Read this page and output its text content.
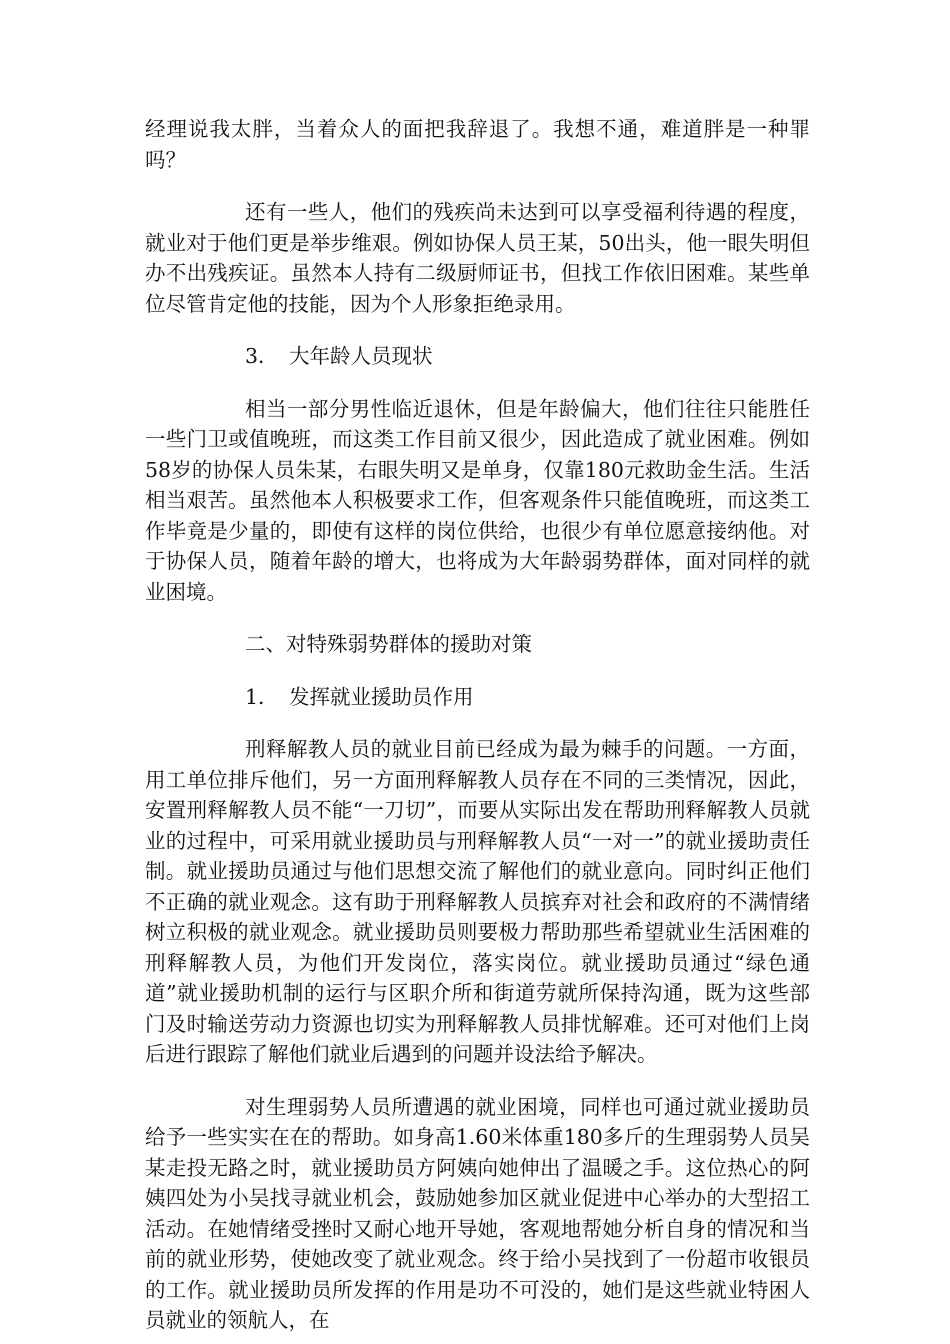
经理说我太胖，当着众人的面把我辞退了。我想不通，难道胖是一种罪吗？

还有一些人，他们的残疾尚未达到可以享受福利待遇的程度，就业对于他们更是举步维艰。例如协保人员王某，50出头，他一眼失明但办不出残疾证。虽然本人持有二级厨师证书，但找工作依旧困难。某些单位尽管肯定他的技能，因为个人形象拒绝录用。

3． 大年龄人员现状

相当一部分男性临近退休，但是年龄偏大，他们往往只能胜任一些门卫或值晚班，而这类工作目前又很少，因此造成了就业困难。例如58岁的协保人员朱某，右眼失明又是单身，仅靠180元救助金生活。生活相当艰苦。虽然他本人积极要求工作，但客观条件只能值晚班，而这类工作毕竟是少量的，即使有这样的岗位供给，也很少有单位愿意接纳他。对于协保人员，随着年龄的增大，也将成为大年龄弱势群体，面对同样的就业困境。

二、对特殊弱势群体的援助对策
1． 发挥就业援助员作用

刑释解教人员的就业目前已经成为最为棘手的问题。一方面，用工单位排斥他们，另一方面刑释解教人员存在不同的三类情况，因此，安置刑释解教人员不能“一刀切”，而要从实际出发在帮助刑释解教人员就业的过程中，可采用就业援助员与刑释解教人员“一对一”的就业援助责任制。就业援助员通过与他们思想交流了解他们的就业意向。同时纠正他们不正确的就业观念。这有助于刑释解教人员摈弃对社会和政府的不满情绪树立积极的就业观念。就业援助员则要极力帮助那些希望就业生活困难的刑释解教人员，为他们开发岗位，落实岗位。就业援助员通过“绿色通道”就业援助机制的运行与区职介所和街道劳就所保持沟通，既为这些部门及时输送劳动力资源也切实为刑释解教人员排忧解难。还可对他们上岗后进行跟踪了解他们就业后遇到的问题并设法给予解决。

对生理弱势人员所遭遇的就业困境，同样也可通过就业援助员给予一些实实在在的帮助。如身高1.60米体重180多斤的生理弱势人员吴某走投无路之时，就业援助员方阿姨向她伸出了温暖之手。这位热心的阿姨四处为小吴找寻就业机会，鼓励她参加区就业促进中心举办的大型招工活动。在她情绪受挫时又耐心地开导她，客观地帮她分析自身的情况和当前的就业形势，使她改变了就业观念。终于给小吴找到了一份超市收银员的工作。就业援助员所发挥的作用是功不可没的，她们是这些就业特困人员就业的领航人，在
